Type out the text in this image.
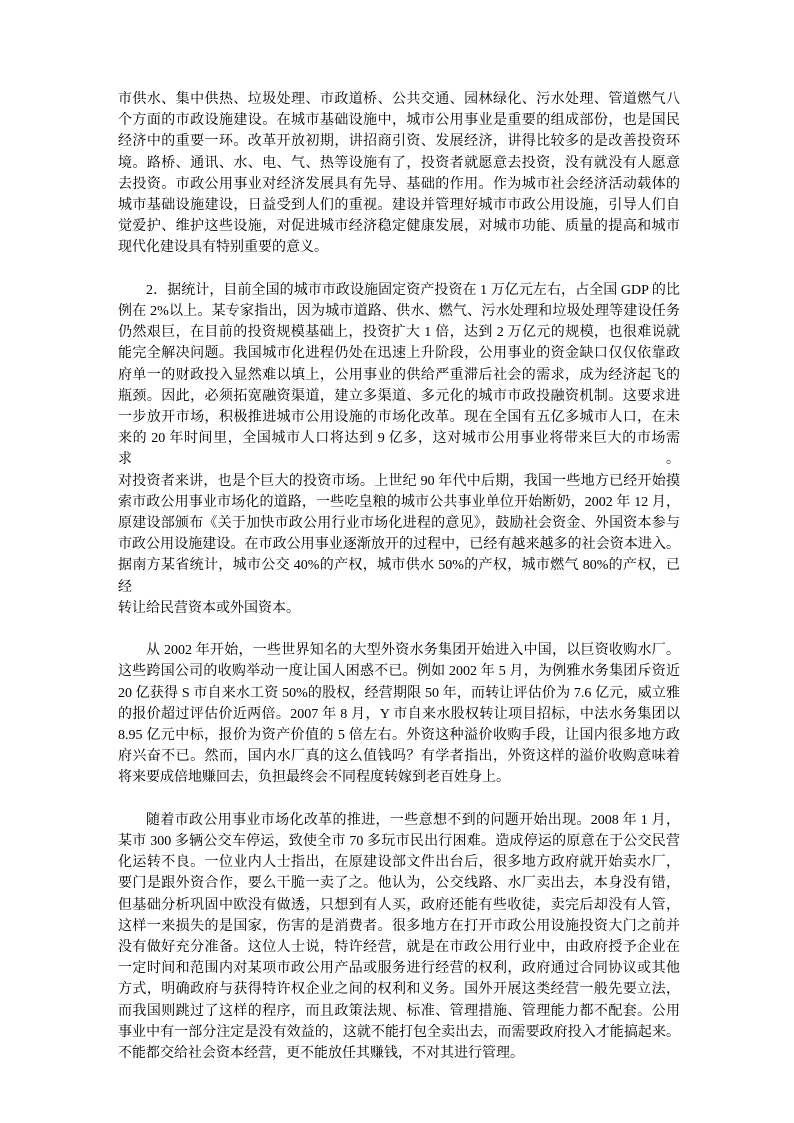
市供水、集中供热、垃圾处理、市政道桥、公共交通、园林绿化、污水处理、管道燃气八
个方面的市政设施建设。在城市基础设施中，城市公用事业是重要的组成部份，也是国民
经济中的重要一环。改革开放初期，讲招商引资、发展经济，讲得比较多的是改善投资环
境。路桥、通讯、水、电、气、热等设施有了，投资者就愿意去投资，没有就没有人愿意
去投资。市政公用事业对经济发展具有先导、基础的作用。作为城市社会经济活动载体的
城市基础设施建设，日益受到人们的重视。建设并管理好城市市政公用设施，引导人们自
觉爱护、维护这些设施，对促进城市经济稳定健康发展，对城市功能、质量的提高和城市
现代化建设具有特别重要的意义。
2．据统计，目前全国的城市市政设施固定资产投资在 1 万亿元左右，占全国 GDP 的比
例在 2%以上。某专家指出，因为城市道路、供水、燃气、污水处理和垃圾处理等建设任务
仍然艰巨，在目前的投资规模基础上，投资扩大 1 倍，达到 2 万亿元的规模，也很难说就
能完全解决问题。我国城市化进程仍处在迅速上升阶段，公用事业的资金缺口仅仅依靠政
府单一的财政投入显然难以填上，公用事业的供给严重滞后社会的需求，成为经济起飞的
瓶颈。因此，必须拓宽融资渠道，建立多渠道、多元化的城市市政投融资机制。这要求进
一步放开市场，积极推进城市公用设施的市场化改革。现在全国有五亿多城市人口，在未
来的 20 年时间里，全国城市人口将达到 9 亿多，这对城市公用事业将带来巨大的市场需求。
对投资者来讲，也是个巨大的投资市场。上世纪 90 年代中后期，我国一些地方已经开始摸
索市政公用事业市场化的道路，一些吃皇粮的城市公共事业单位开始断奶，2002 年 12 月，
原建设部颁布《关于加快市政公用行业市场化进程的意见》，鼓励社会资金、外国资本参与
市政公用设施建设。在市政公用事业逐渐放开的过程中，已经有越来越多的社会资本进入。
据南方某省统计，城市公交 40%的产权，城市供水 50%的产权，城市燃气 80%的产权，已经
转让给民营资本或外国资本。
从 2002 年开始，一些世界知名的大型外资水务集团开始进入中国，以巨资收购水厂。
这些跨国公司的收购举动一度让国人困惑不已。例如 2002 年 5 月，为例雅水务集团斥资近
20 亿获得 S 市自来水工资 50%的股权，经营期限 50 年，而转让评估价为 7.6 亿元，威立雅
的报价超过评估价近两倍。2007 年 8 月，Y 市自来水股权转让项目招标，中法水务集团以
8.95 亿元中标，报价为资产价值的 5 倍左右。外资这种溢价收购手段，让国内很多地方政
府兴奋不已。然而，国内水厂真的这么值钱吗？有学者指出，外资这样的溢价收购意味着
将来要成倍地赚回去，负担最终会不同程度转嫁到老百姓身上。
随着市政公用事业市场化改革的推进，一些意想不到的问题开始出现。2008 年 1 月，
某市 300 多辆公交车停运，致使全市 70 多玩市民出行困难。造成停运的原意在于公交民营
化运转不良。一位业内人士指出，在原建设部文件出台后，很多地方政府就开始卖水厂，
要门是跟外资合作，要么干脆一卖了之。他认为，公交线路、水厂卖出去，本身没有错，
但基础分析巩固中欧没有做透，只想到有人买，政府还能有些收徒，卖完后却没有人管，
这样一来损失的是国家，伤害的是消费者。很多地方在打开市政公用设施投资大门之前并
没有做好充分准备。这位人士说，特许经营，就是在市政公用行业中，由政府授予企业在
一定时间和范围内对某项市政公用产品或服务进行经营的权利，政府通过合同协议或其他
方式，明确政府与获得特许权企业之间的权利和义务。国外开展这类经营一般先要立法，
而我国则跳过了这样的程序，而且政策法规、标准、管理措施、管理能力都不配套。公用
事业中有一部分注定是没有效益的，这就不能打包全卖出去，而需要政府投入才能搞起来。
不能都交给社会资本经营，更不能放任其赚钱，不对其进行管理。
